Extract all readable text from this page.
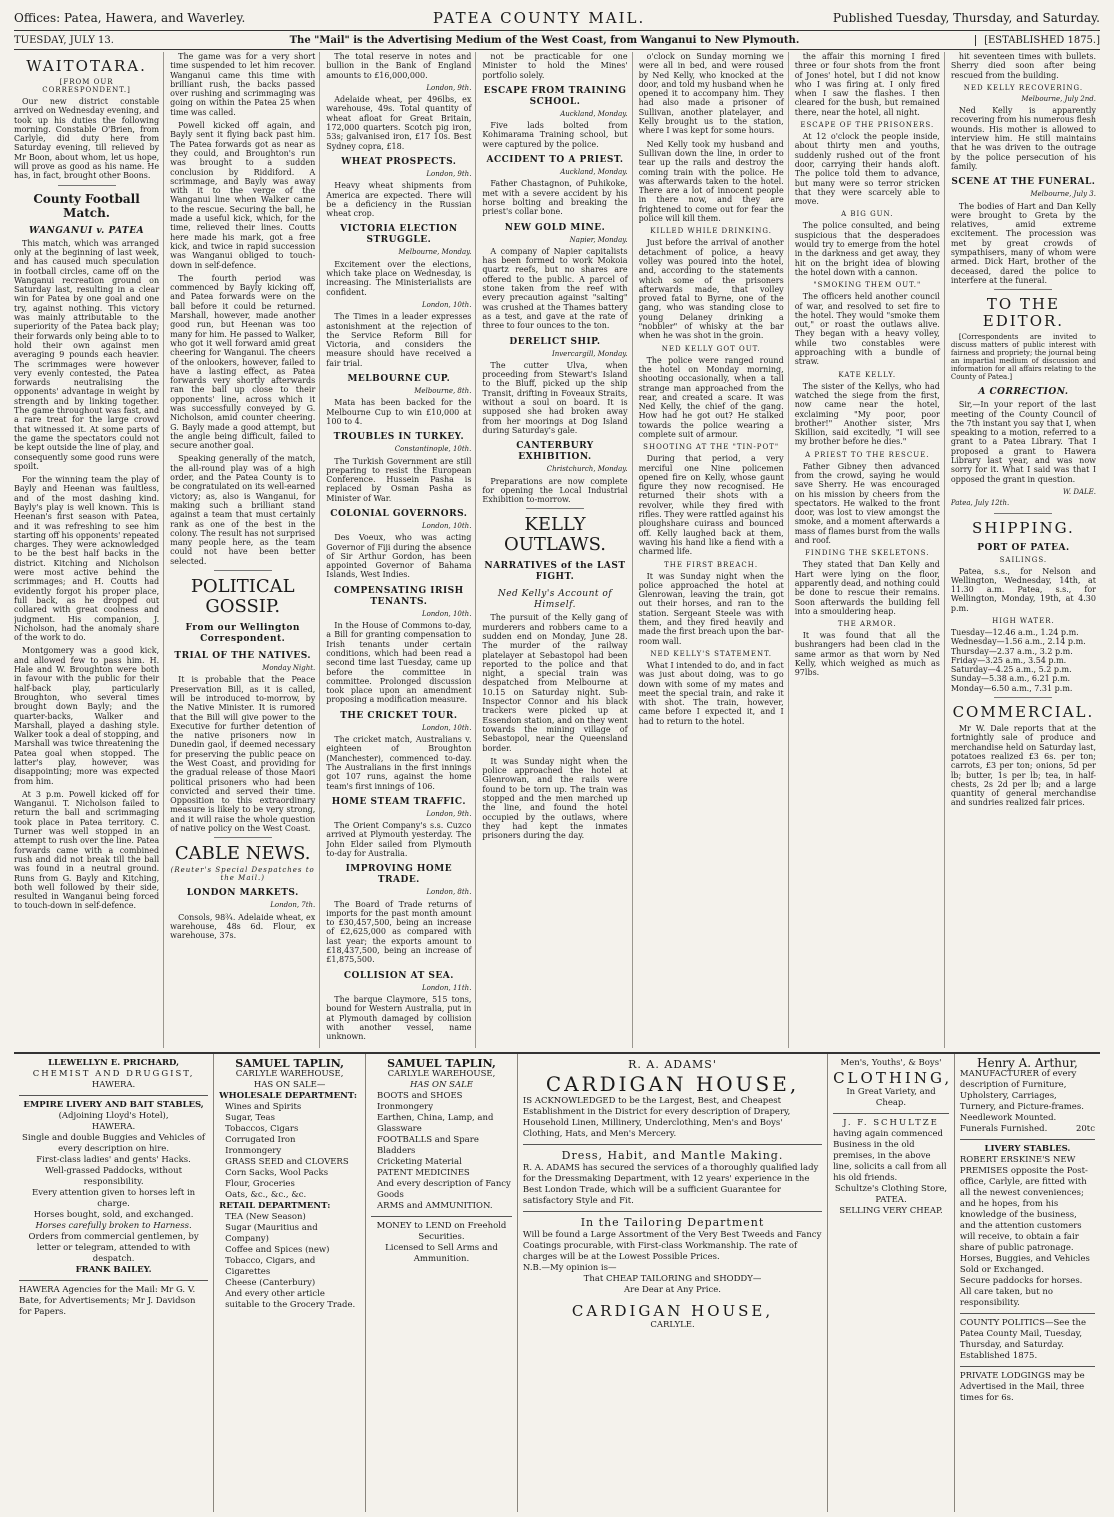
Offices: Patea, Hawera, and Waverley.	PATEA COUNTY MAIL.	Published Tuesday, Thursday, and Saturday.
TUESDAY, JULY 13.	The "Mail" is the Advertising Medium of the West Coast, from Wanganui to New Plymouth.	[ESTABLISHED 1875.]
WAITOTARA.
[FROM OUR CORRESPONDENT.]

Our new district constable arrived on Wednesday evening, and took up his duties the following morning. Constable O'Brien, from Carlyle, did duty here from Saturday evening, till relieved by Mr Boon, about whom, let us hope, will prove as good as his name. He has, in fact, brought other Boons.

County Football Match.
WANGANUI v. PATEA

This match, which was arranged only at the beginning of last week, and has caused much speculation in football circles, came off on the Wanganui recreation ground on Saturday last, resulting in a clear win for Patea by one goal and one try, against nothing. This victory was mainly attributable to the superiority of the Patea back play; their forwards only being able to to hold their own against men averaging 9 pounds each heavier. The scrimmages were however very evenly contested, the Patea forwards neutralising the opponents' advantage in weight by strength and by linking together. The game throughout was fast, and a rare treat for the large crowd that witnessed it. At some parts of the game the spectators could not be kept outside the line of play, and consequently some good runs were spoilt.

For the winning team the play of Bayly and Heenan was faultless, and of the most dashing kind. Bayly's play is well known. This is Heenan's first season with Patea, and it was refreshing to see him starting off his opponents' repeated charges. They were acknowledged to be the best half backs in the district. Kitching and Nicholson were most active behind the scrimmages; and H. Coutts had evidently forgot his proper place, full back, as he dropped out collared with great coolness and judgment. His companion, J. Nicholson, had the anomaly share of the work to do.

Montgomery was a good kick, and allowed few to pass him. H. Hale and W. Broughton were both in favour with the public for their half-back play, particularly Broughton, who several times brought down Bayly; and the quarter-backs, Walker and Marshall, played a dashing style. Walker took a deal of stopping, and Marshall was twice threatening the Patea goal when stopped. The latter's play, however, was disappointing; more was expected from him.

At 3 p.m. Powell kicked off for Wanganui. T. Nicholson failed to return the ball and scrimmaging took place in Patea territory. C. Turner was well stopped in an attempt to rush over the line. Patea forwards came with a combined rush and did not break till the ball was found in a neutral ground. Runs from G. Bayly and Kitching, both well followed by their side, resulted in Wanganui being forced to touch-down in self-defence.

The game was for a very short time suspended to let him recover. Wanganui came this time with brilliant rush, the backs passed over rushing and scrimmaging was going on within the Patea 25 when time was called.

Powell kicked off again, and Bayly sent it flying back past him. The Patea forwards got as near as they could, and Broughton's run was brought to a sudden conclusion by Riddiford. A scrimmage, and Bayly was away with it to the verge of the Wanganui line when Walker came to the rescue. Securing the ball, he made a useful kick, which, for the time, relieved their lines. Coutts here made his mark, got a free kick, and twice in rapid succession was Wanganui obliged to touch-down in self-defence.

The fourth period was commenced by Bayly kicking off, and Patea forwards were on the ball before it could be returned. Marshall, however, made another good run, but Heenan was too many for him. He passed to Walker, who got it well forward amid great cheering for Wanganui. The cheers of the onlookers, however, failed to have a lasting effect, as Patea forwards very shortly afterwards ran the ball up close to their opponents' line, across which it was successfully conveyed by G. Nicholson, amid counter cheering. G. Bayly made a good attempt, but the angle being difficult, failed to secure another goal.

Speaking generally of the match, the all-round play was of a high order, and the Patea County is to be congratulated on its well-earned victory; as, also is Wanganui, for making such a brilliant stand against a team that must certainly rank as one of the best in the colony. The result has not surprised many people here, as the team could not have been better selected.

POLITICAL GOSSIP.
From our Wellington Correspondent.
TRIAL OF THE NATIVES.
Monday Night.

It is probable that the Peace Preservation Bill, as it is called, will be introduced to-morrow, by the Native Minister. It is rumored that the Bill will give power to the Executive for further detention of the native prisoners now in Dunedin gaol, if deemed necessary for preserving the public peace on the West Coast, and providing for the gradual release of those Maori political prisoners who had been convicted and served their time. Opposition to this extraordinary measure is likely to be very strong, and it will raise the whole question of native policy on the West Coast.

CABLE NEWS.
(Reuter's Special Despatches to the Mail.)
LONDON MARKETS.
London, 7th.

Consols, 98¾. Adelaide wheat, ex warehouse, 48s 6d. Flour, ex warehouse, 37s.

The total reserve in notes and bullion in the Bank of England amounts to £16,000,000.

London, 9th.

Adelaide wheat, per 496lbs, ex warehouse, 49s. Total quantity of wheat afloat for Great Britain, 172,000 quarters. Scotch pig iron, 53s; galvanised iron, £17 10s. Best Sydney copra, £18.

WHEAT PROSPECTS.
London, 9th.

Heavy wheat shipments from America are expected. There will be a deficiency in the Russian wheat crop.

VICTORIA ELECTION STRUGGLE.
Melbourne, Monday.

Excitement over the elections, which take place on Wednesday, is increasing. The Ministerialists are confident.

London, 10th.

The Times in a leader expresses astonishment at the rejection of the Service Reform Bill for Victoria, and considers the measure should have received a fair trial.

MELBOURNE CUP.
Melbourne, 8th.

Mata has been backed for the Melbourne Cup to win £10,000 at 100 to 4.

TROUBLES IN TURKEY.
Constantinople, 10th.

The Turkish Government are still preparing to resist the European Conference. Hussein Pasha is replaced by Osman Pasha as Minister of War.

COLONIAL GOVERNORS.
London, 10th.

Des Voeux, who was acting Governor of Fiji during the absence of Sir Arthur Gordon, has been appointed Governor of Bahama Islands, West Indies.

COMPENSATING IRISH TENANTS.
London, 10th.

In the House of Commons to-day, a Bill for granting compensation to Irish tenants under certain conditions, which had been read a second time last Tuesday, came up before the committee in committee. Prolonged discussion took place upon an amendment proposing a modification measure.

THE CRICKET TOUR.
London, 10th.

The cricket match, Australians v. eighteen of Broughton (Manchester), commenced to-day. The Australians in the first innings got 107 runs, against the home team's first innings of 106.

HOME STEAM TRAFFIC.
London, 9th.

The Orient Company's s.s. Cuzco arrived at Plymouth yesterday. The John Elder sailed from Plymouth to-day for Australia.

IMPROVING HOME TRADE.
London, 8th.

The Board of Trade returns of imports for the past month amount to £30,457,500, being an increase of £2,625,000 as compared with last year; the exports amount to £18,437,500, being an increase of £1,875,500.

COLLISION AT SEA.
London, 11th.

The barque Claymore, 515 tons, bound for Western Australia, put in at Plymouth damaged by collision with another vessel, name unknown.

not be practicable for one Minister to hold the Mines' portfolio solely.

ESCAPE FROM TRAINING SCHOOL.
Auckland, Monday.

Five lads bolted from Kohimarama Training school, but were captured by the police.

ACCIDENT TO A PRIEST.
Auckland, Monday.

Father Chastagnon, of Puhikoke, met with a severe accident by his horse bolting and breaking the priest's collar bone.

NEW GOLD MINE.
Napier, Monday.

A company of Napier capitalists has been formed to work Mokoia quartz reefs, but no shares are offered to the public. A parcel of stone taken from the reef with every precaution against "salting" was crushed at the Thames battery as a test, and gave at the rate of three to four ounces to the ton.

DERELICT SHIP.
Invercargill, Monday.

The cutter Ulva, when proceeding from Stewart's Island to the Bluff, picked up the ship Transit, drifting in Foveaux Straits, without a soul on board. It is supposed she had broken away from her moorings at Dog Island during Saturday's gale.

CANTERBURY EXHIBITION.
Christchurch, Monday.

Preparations are now complete for opening the Local Industrial Exhibition to-morrow.

KELLY OUTLAWS.
NARRATIVES of the LAST FIGHT.
Ned Kelly's Account of Himself.

The pursuit of the Kelly gang of murderers and robbers came to a sudden end on Monday, June 28. The murder of the railway platelayer at Sebastopol had been reported to the police and that night, a special train was despatched from Melbourne at 10.15 on Saturday night. Sub-Inspector Connor and his black trackers were picked up at Essendon station, and on they went towards the mining village of Sebastopol, near the Queensland border.

It was Sunday night when the police approached the hotel at Glenrowan, and the rails were found to be torn up. The train was stopped and the men marched up the line, and found the hotel occupied by the outlaws, where they had kept the inmates prisoners during the day.

o'clock on Sunday morning we were all in bed, and were roused by Ned Kelly, who knocked at the door, and told my husband when he opened it to accompany him. They had also made a prisoner of Sullivan, another platelayer, and Kelly brought us to the station, where I was kept for some hours.

Ned Kelly took my husband and Sullivan down the line, in order to tear up the rails and destroy the coming train with the police. He was afterwards taken to the hotel. There are a lot of innocent people in there now, and they are frightened to come out for fear the police will kill them.

KILLED WHILE DRINKING.

Just before the arrival of another detachment of police, a heavy volley was poured into the hotel, and, according to the statements which some of the prisoners afterwards made, that volley proved fatal to Byrne, one of the gang, who was standing close to young Delaney drinking a "nobbler" of whisky at the bar when he was shot in the groin.

NED KELLY GOT OUT.

The police were ranged round the hotel on Monday morning, shooting occasionally, when a tall strange man approached from the rear, and created a scare. It was Ned Kelly, the chief of the gang. How had he got out? He stalked towards the police wearing a complete suit of armour.

SHOOTING AT THE "TIN-POT"

During that period, a very merciful one Nine policemen opened fire on Kelly, whose gaunt figure they now recognised. He returned their shots with a revolver, while they fired with rifles. They were rattled against his ploughshare cuirass and bounced off. Kelly laughed back at them, waving his hand like a fiend with a charmed life.

THE FIRST BREACH.

It was Sunday night when the police approached the hotel at Glenrowan, leaving the train, got out their horses, and ran to the station. Sergeant Steele was with them, and they fired heavily and made the first breach upon the bar-room wall.

NED KELLY'S STATEMENT.

What I intended to do, and in fact was just about doing, was to go down with some of my mates and meet the special train, and rake it with shot. The train, however, came before I expected it, and I had to return to the hotel.

the affair this morning I fired three or four shots from the front of Jones' hotel, but I did not know who I was firing at. I only fired when I saw the flashes. I then cleared for the bush, but remained there, near the hotel, all night.

ESCAPE OF THE PRISONERS.

At 12 o'clock the people inside, about thirty men and youths, suddenly rushed out of the front door, carrying their hands aloft. The police told them to advance, but many were so terror stricken that they were scarcely able to move.

A BIG GUN.

The police consulted, and being suspicious that the desperadoes would try to emerge from the hotel in the darkness and get away, they hit on the bright idea of blowing the hotel down with a cannon.

"SMOKING THEM OUT."

The officers held another council of war, and resolved to set fire to the hotel. They would "smoke them out," or roast the outlaws alive. They began with a heavy volley, while two constables were approaching with a bundle of straw.

KATE KELLY.

The sister of the Kellys, who had watched the siege from the first, now came near the hotel, exclaiming "My poor, poor brother!" Another sister, Mrs Skillion, said excitedly, "I will see my brother before he dies."

A PRIEST TO THE RESCUE.

Father Gibney then advanced from the crowd, saying he would save Sherry. He was encouraged on his mission by cheers from the spectators. He walked to the front door, was lost to view amongst the smoke, and a moment afterwards a mass of flames burst from the walls and roof.

FINDING THE SKELETONS.

They stated that Dan Kelly and Hart were lying on the floor, apparently dead, and nothing could be done to rescue their remains. Soon afterwards the building fell into a smouldering heap.

THE ARMOR.

It was found that all the bushrangers had been clad in the same armor as that worn by Ned Kelly, which weighed as much as 97lbs.

hit seventeen times with bullets. Sherry died soon after being rescued from the building.

NED KELLY RECOVERING.
Melbourne, July 2nd.

Ned Kelly is apparently recovering from his numerous flesh wounds. His mother is allowed to interview him. He still maintains that he was driven to the outrage by the police persecution of his family.

SCENE AT THE FUNERAL.
Melbourne, July 3.

The bodies of Hart and Dan Kelly were brought to Greta by the relatives, amid extreme excitement. The procession was met by great crowds of sympathisers, many of whom were armed. Dick Hart, brother of the deceased, dared the police to interfere at the funeral.

TO THE EDITOR.

[Correspondents are invited to discuss matters of public interest with fairness and propriety; the journal being an impartial medium of discussion and information for all affairs relating to the County of Patea.]

A CORRECTION.

Sir,—In your report of the last meeting of the County Council of the 7th instant you say that I, when speaking to a motion, referred to a grant to a Patea Library. That I proposed a grant to Hawera Library last year, and was now sorry for it. What I said was that I opposed the grant in question.

W. DALE.
Patea, July 12th.
SHIPPING.
PORT OF PATEA.
SAILINGS.

Patea, s.s., for Nelson and Wellington, Wednesday, 14th, at 11.30 a.m. Patea, s.s., for Wellington, Monday, 19th, at 4.30 p.m.

HIGH WATER.
Tuesday—12.46 a.m., 1.24 p.m.
Wednesday—1.56 a.m., 2.14 p.m.
Thursday—2.37 a.m., 3.2 p.m.
Friday—3.25 a.m., 3.54 p.m.
Saturday—4.25 a.m., 5.2 p.m.
Sunday—5.38 a.m., 6.21 p.m.
Monday—6.50 a.m., 7.31 p.m.
COMMERCIAL.

Mr W. Dale reports that at the fortnightly sale of produce and merchandise held on Saturday last, potatoes realized £3 6s. per ton; carrots, £3 per ton; onions, 5d per lb; butter, 1s per lb; tea, in half-chests, 2s 2d per lb; and a large quantity of general merchandise and sundries realized fair prices.

LLEWELLYN E. PRICHARD,
CHEMIST AND DRUGGIST,
HAWERA.
EMPIRE LIVERY AND BAIT STABLES,
(Adjoining Lloyd's Hotel),
HAWERA.
Single and double Buggies and Vehicles of every description on hire.
First-class ladies' and gents' Hacks.
Well-grassed Paddocks, without responsibility.
Every attention given to horses left in charge.
Horses bought, sold, and exchanged.
Horses carefully broken to Harness.
Orders from commercial gentlemen, by letter or telegram, attended to with despatch.
FRANK BAILEY.
HAWERA Agencies for the Mail: Mr G. V. Bate, for Advertisements; Mr J. Davidson for Papers.
SAMUEL TAPLIN,
CARLYLE WAREHOUSE,
HAS ON SALE—
WHOLESALE DEPARTMENT:
Wines and Spirits
Sugar, Teas
Tobaccos, Cigars
Corrugated Iron
Ironmongery
GRASS SEED and CLOVERS
Corn Sacks, Wool Packs
Flour, Groceries
Oats, &c., &c., &c.
RETAIL DEPARTMENT:
TEA (New Season)
Sugar (Mauritius and Company)
Coffee and Spices (new)
Tobacco, Cigars, and Cigarettes
Cheese (Canterbury)
And every other article suitable to the Grocery Trade.
SAMUEL TAPLIN,
CARLYLE WAREHOUSE,
HAS ON SALE
BOOTS and SHOES
Ironmongery
Earthen, China, Lamp, and Glassware
FOOTBALLS and Spare Bladders
Cricketing Material
PATENT MEDICINES
And every description of Fancy Goods
ARMS and AMMUNITION.
MONEY to LEND on Freehold Securities.
Licensed to Sell Arms and Ammunition.
R. A. ADAMS'
CARDIGAN HOUSE,
IS ACKNOWLEDGED to be the Largest, Best, and Cheapest Establishment in the District for every description of Drapery, Household Linen, Millinery, Underclothing, Men's and Boys' Clothing, Hats, and Men's Mercery.
Dress, Habit, and Mantle Making.
R. A. ADAMS has secured the services of a thoroughly qualified lady for the Dressmaking Department, with 12 years' experience in the Best London Trade, which will be a sufficient Guarantee for satisfactory Style and Fit.
In the Tailoring Department
Will be found a Large Assortment of the Very Best Tweeds and Fancy Coatings procurable, with First-class Workmanship. The rate of charges will be at the Lowest Possible Prices.
N.B.—My opinion is—
That CHEAP TAILORING and SHODDY—
Are Dear at Any Price.
CARDIGAN HOUSE,
CARLYLE.
Men's, Youths', & Boys'
CLOTHING,
In Great Variety, and Cheap.
J. F. SCHULTZE
having again commenced Business in the old premises, in the above line, solicits a call from all his old friends.
Schultze's Clothing Store,
PATEA.
SELLING VERY CHEAP.
Henry A. Arthur,
MANUFACTURER of every description of Furniture, Upholstery, Carriages, Turnery, and Picture-frames. Needlework Mounted.
Funerals Furnished.	20tc
LIVERY STABLES.
ROBERT ERSKINE'S NEW PREMISES opposite the Post-office, Carlyle, are fitted with all the newest conveniences; and he hopes, from his knowledge of the business, and the attention customers will receive, to obtain a fair share of public patronage.
Horses, Buggies, and Vehicles Sold or Exchanged.
Secure paddocks for horses. All care taken, but no responsibility.
COUNTY POLITICS—See the Patea County Mail, Tuesday, Thursday, and Saturday. Established 1875.
PRIVATE LODGINGS may be Advertised in the Mail, three times for 6s.
